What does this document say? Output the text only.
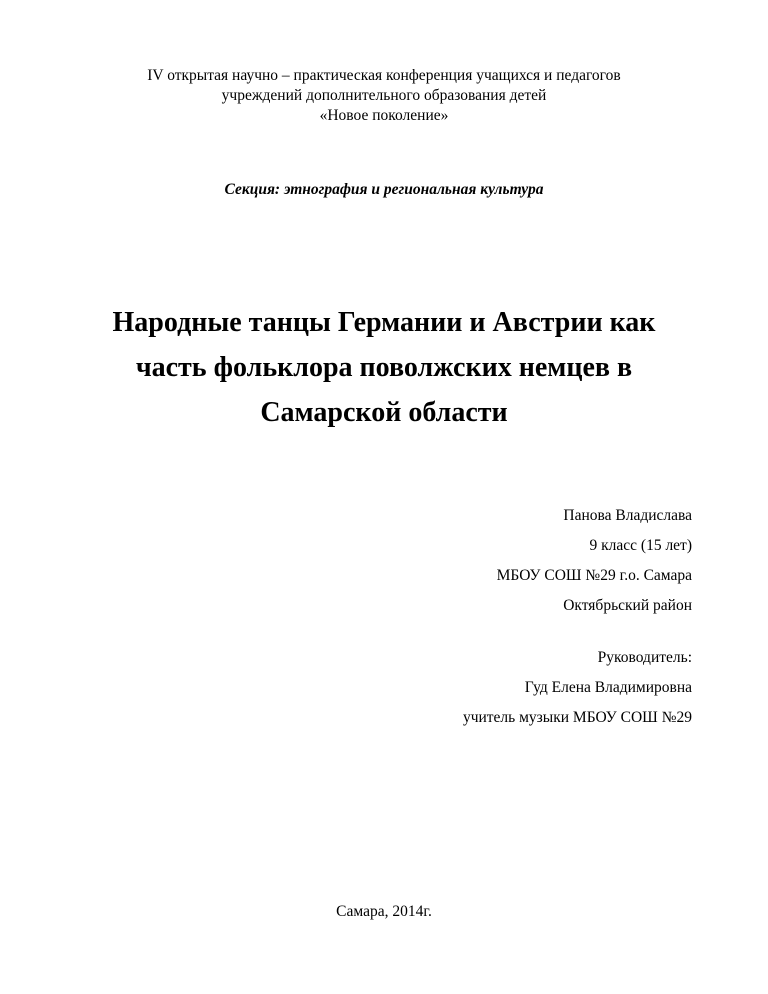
IV открытая научно – практическая конференция учащихся и педагогов
учреждений дополнительного образования детей
«Новое поколение»
Секция: этнография и региональная культура
Народные танцы Германии и Австрии как
часть фольклора поволжских немцев в
Самарской области
Панова Владислава
9 класс (15 лет)
МБОУ СОШ №29 г.о. Самара
Октябрьский район
Руководитель:
Гуд Елена Владимировна
учитель музыки МБОУ СОШ №29
Самара, 2014г.
